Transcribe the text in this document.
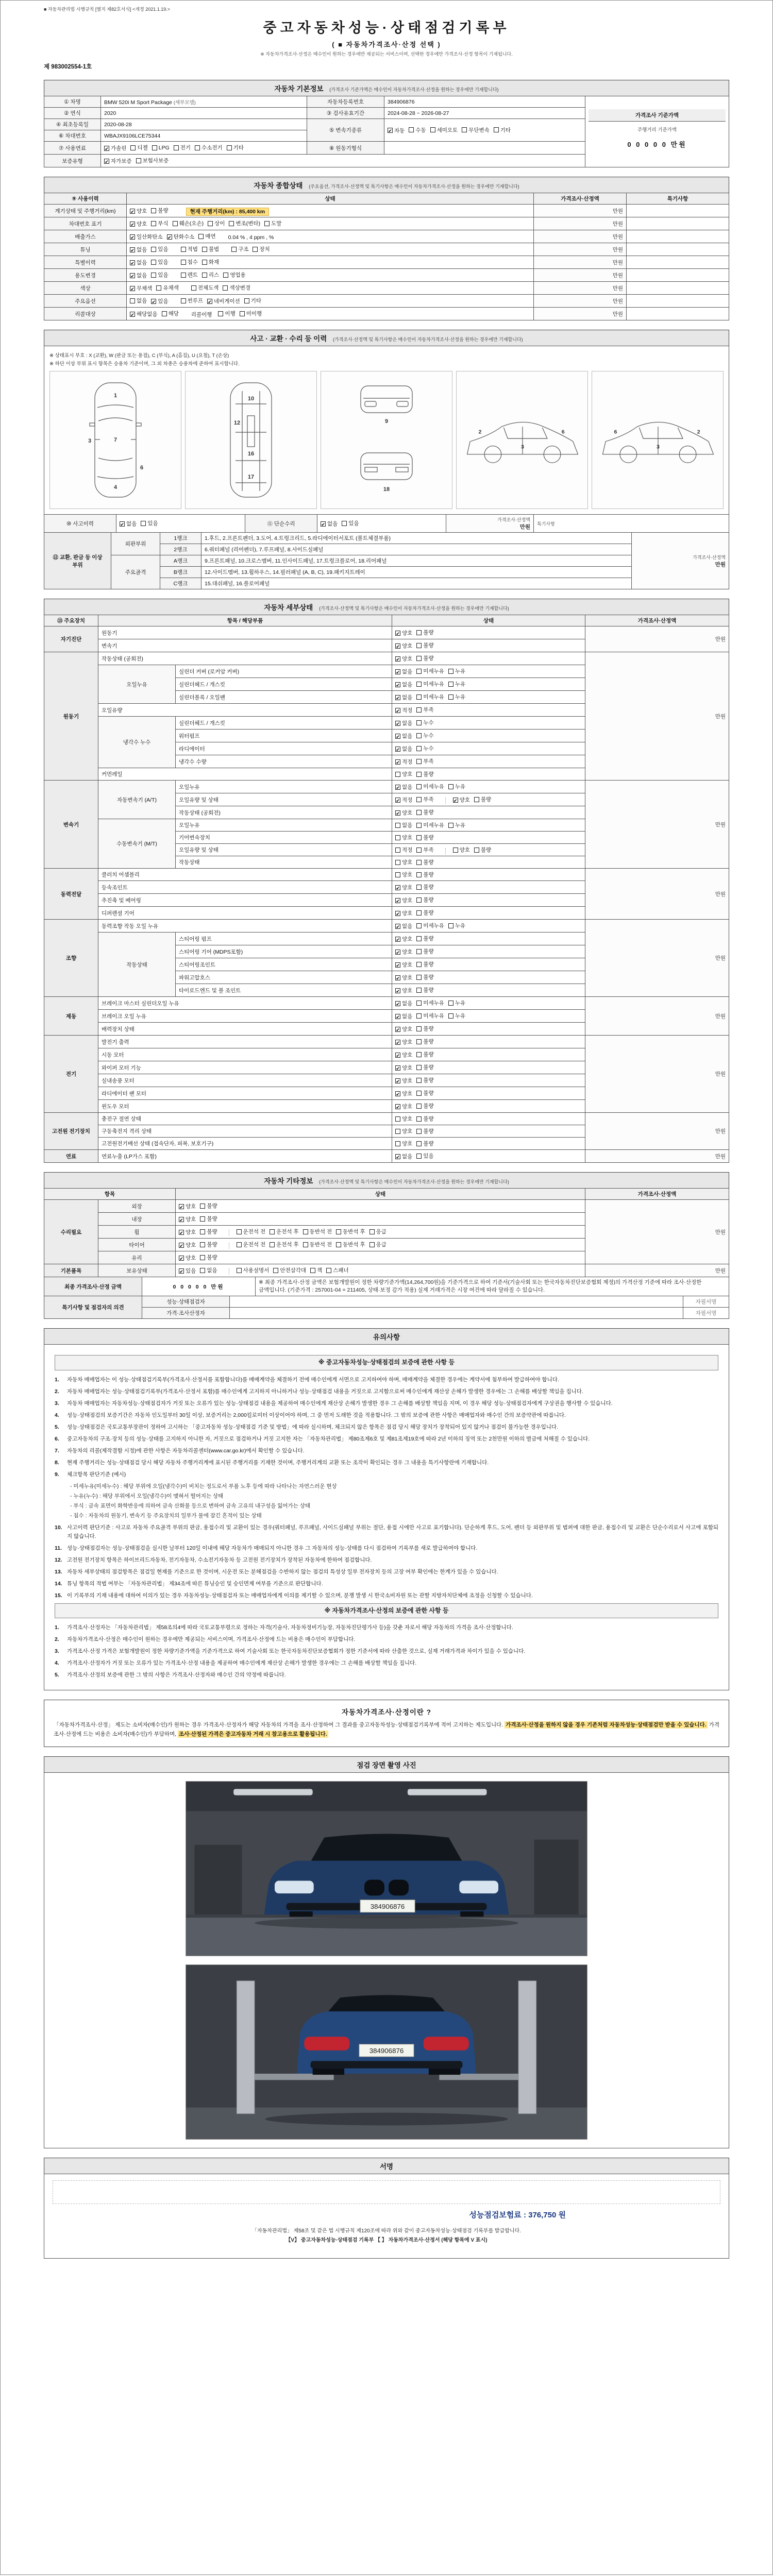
■ 자동차관리법 시행규칙 [별지 제82호서식] <개정 2021.1.19.>
중고자동차성능·상태점검기록부
( ■ 자동차가격조사·산정 선택 )
※ 자동차가격조사·산정은 매수인이 원하는 경우에만 제공되는 서비스이며, 선택한 경우에만 가격조사·산정 항목이 기재됩니다.
제 983002554-1호
자동차 기본정보 (가격조사 기준가액은 매수인이 자동차가격조사·산정을 원하는 경우에만 기재합니다)
① 차명	BMW 520i M Sport Package (세부모델)	자동차등록번호	384906876	가격조사 기준가액
주행거리 기준가액
0 0 0 0 0 만원

② 연식	2020	③ 검사유효기간	2024-08-28 ~ 2026-08-27	
④ 최초등록일	2020-08-28	⑤ 변속기종류	✔ 자동 수동 세미오토 무단변속 기타

⑥ 차대번호	WBAJX9106LCE75344			
⑦ 사용연료	✔ 가솔린 디젤 LPG 전기 수소전기 기타	⑧ 원동기형식	
보증유형	✔ 자가보증 보험사보증			
자동차 종합상태 (주요옵션, 가격조사·산정액 및 특기사항은 매수인이 자동차가격조사·산정을 원하는 경우에만 기재합니다)
⑨ 사용이력	상태	가격조사·산정액	특기사항
계기상태 및 주행거리(km)	✔ 양호 불량 현재 주행거리(km) : 85,400 km	만원	
차대번호 표기	✔ 양호 부식 훼손(오손) 상이 변조(변타) 도말	만원	
배출가스	✔ 일산화탄소 ✔ 탄화수소 매연 0.04 % , 4 ppm , %	만원	
튜닝	✔ 없음 있음	적법 불법	구조 장치	만원	
특별이력	✔ 없음 있음 침수 화재	만원	
용도변경	✔ 없음 있음	렌트 리스 영업용	만원	
색상	✔ 무채색 유채색 전체도색 색상변경	만원	
주요옵션	없음 ✔ 있음	썬루프 ✔ 네비게이션 기타	만원	
리콜대상	✔ 해당없음 해당 리콜이행 이행 미이행	만원	
사고 · 교환 · 수리 등 이력 (가격조사·산정액 및 특기사항은 매수인이 자동차가격조사·산정을 원하는 경우에만 기재합니다)
※ 상태표시 부호 : X (교환), W (판금 또는 용접), C (부식), A (흠집), U (요철), T (손상)
※ 하단 이상 부위 표시 항목은 승용차 기준이며, 그 외 차종은 승용차에 준하여 표시합니다.
1
7
4
3
6
10
12
16
17
9
18
2
3
6	6
3
2
⑩ 사고이력	✔ 없음 있음	⑪ 단순수리	✔ 없음 있음

가격조사·산정액
만원

특기사항
⑫ 교환, 판금 등 이상 부위	외판부위	1랭크	1.후드, 2.프론트펜더, 3.도어, 4.트렁크리드, 5.라디에이터서포트 (볼트체결부품)	가격조사·산정액
만원

		2랭크	6.쿼터패널 (리어펜더), 7.루프패널, 8.사이드실패널	
	주요골격	A랭크	9.프론트패널, 10.크로스멤버, 11.인사이드패널, 17.트렁크플로어, 18.리어패널	
		B랭크	12.사이드멤버, 13.휠하우스, 14.필러패널 (A, B, C), 19.패키지트레이	
		C랭크	15.대쉬패널, 16.플로어패널	
자동차 세부상태 (가격조사·산정액 및 특기사항은 매수인이 자동차가격조사·산정을 원하는 경우에만 기재합니다)
⑬ 주요장치	항목 / 해당부품		상태	가격조사·산정액
자기진단	원동기		✔ 양호 불량	만원
	변속기		✔ 양호 불량	

원동기	작동상태 (공회전)		✔ 양호 불량	만원
	오일누유	실린더 커버 (로커암 커버)	✔ 없음 미세누유 누유	

		실린더헤드 / 개스킷	✔ 없음 미세누유 누유	

		실린더블록 / 오일팬	✔ 없음 미세누유 누유	

	오일유량		✔ 적정 부족	

	냉각수 누수	실린더헤드 / 개스킷	✔ 없음 누수	

		워터펌프	✔ 없음 누수	

		라디에이터	✔ 없음 누수	

		냉각수 수량	✔ 적정 부족	

	커먼레일		양호 불량	

변속기	자동변속기 (A/T)	오일누유	✔ 없음 미세누유 누유	만원
오일유량 및 상태	✔ 적정 부족	✔ 양호 불량

		작동상태 (공회전)	✔ 양호 불량	

	수동변속기 (M/T)	오일누유	없음 미세누유 누유	

		기어변속장치	양호 불량	

		오일유량 및 상태	적정 부족 양호 불량	

		작동상태	양호 불량	

동력전달	클러치 어셈블리		양호 불량	만원
	등속조인트		✔ 양호 불량	

	추진축 및 베어링		✔ 양호 불량	

	디퍼렌셜 기어		✔ 양호 불량	

조향	동력조향 작동 오일 누유		✔ 없음 미세누유 누유	만원
	작동상태	스티어링 펌프	✔ 양호 불량	

		스티어링 기어 (MDPS포함)	✔ 양호 불량	

		스티어링조인트	✔ 양호 불량	

		파워고압호스	✔ 양호 불량	

		타이로드엔드 및 볼 조인트	✔ 양호 불량	

제동	브레이크 마스터 실린더오일 누유		✔ 없음 미세누유 누유	만원
	브레이크 오일 누유		✔ 없음 미세누유 누유	

	배력장치 상태		✔ 양호 불량	

전기	발전기 출력		✔ 양호 불량	만원
	시동 모터		✔ 양호 불량	

	와이퍼 모터 기능		✔ 양호 불량	

	실내송풍 모터		✔ 양호 불량	

	라디에이터 팬 모터		✔ 양호 불량	

	윈도우 모터		✔ 양호 불량	

고전원 전기장치	충전구 절연 상태		양호 불량	만원
	구동축전지 격리 상태		양호 불량	

	고전원전기배선 상태 (접속단자, 피복, 보호기구)		양호 불량	

연료	연료누출 (LP가스 포함)		✔ 없음 있음	만원
자동차 기타정보 (가격조사·산정액 및 특기사항은 매수인이 자동차가격조사·산정을 원하는 경우에만 기재합니다)
항목		상태	가격조사·산정액
수리필요	외장	✔ 양호 불량	만원
	내장	✔ 양호 불량	

휠	✔ 양호 불량	운전석 전 운전석 후 동반석 전 동반석 후 응급

타이어	✔ 양호 불량	운전석 전 운전석 후 동반석 전 동반석 후 응급

	유리	✔ 양호 불량	

기본품목	보유상태	✔ 있음 없음	사용설명서 안전삼각대 잭 스패너	만원
최종 가격조사·산정 금액	0 0 0 0 0 만원	※ 최종 가격조사·산정 금액은 보험개발원이 정한 차량기준가액(14,264,700원)을 기준가격으로 하여 기준서(기술사회 또는 한국자동차진단보증협회 제정)의 가격산정 기준에 따라 조사·산정한 금액입니다. (기준가격 : 257001-04 = 211405, 상태·보정 감가 적용) 실제 거래가격은 시장 여건에 따라 달라질 수 있습니다.
특기사항 및 점검자의 의견	성능·상태점검자		자필서명
	가격·조사산정자		자필서명
유의사항
※ 중고자동차성능·상태점검의 보증에 관한 사항 등
1.	자동차 매매업자는 이 성능·상태점검기록부(가격조사·산정서를 포함합니다)를 매매계약을 체결하기 전에 매수인에게 서면으로 고지하여야 하며, 매매계약을 체결한 경우에는 계약서에 첨부하여 발급하여야 합니다.
2.	자동차 매매업자는 성능·상태점검기록부(가격조사·산정서 포함)를 매수인에게 고지하지 아니하거나 성능·상태점검 내용을 거짓으로 고지함으로써 매수인에게 재산상 손해가 발생한 경우에는 그 손해를 배상할 책임을 집니다.
3.	자동차 매매업자는 자동차성능·상태점검자가 거짓 또는 오류가 있는 성능·상태점검 내용을 제공하여 매수인에게 재산상 손해가 발생한 경우 그 손해를 배상할 책임을 지며, 이 경우 해당 성능·상태점검자에게 구상권을 행사할 수 있습니다.
4.	성능·상태점검의 보증기간은 자동차 인도일부터 30일 이상, 보증거리는 2,000킬로미터 이상이어야 하며, 그 중 먼저 도래한 것을 적용합니다. 그 밖의 보증에 관한 사항은 매매업자와 매수인 간의 보증약관에 따릅니다.
5.	성능·상태점검은 국토교통부장관이 정하여 고시하는 「중고자동차 성능·상태점검 기준 및 방법」에 따라 실시하며, 체크되지 않은 항목은 점검 당시 해당 장치가 장착되어 있지 않거나 점검이 불가능한 경우입니다.
6.	중고자동차의 구조·장치 등의 성능·상태를 고지하지 아니한 자, 거짓으로 점검하거나 거짓 고지한 자는 「자동차관리법」 제80조제6호 및 제81조제19호에 따라 2년 이하의 징역 또는 2천만원 이하의 벌금에 처해질 수 있습니다.
7.	자동차의 리콜(제작결함 시정)에 관한 사항은 자동차리콜센터(www.car.go.kr)에서 확인할 수 있습니다.
8.	현재 주행거리는 성능·상태점검 당시 해당 자동차 주행거리계에 표시된 주행거리를 기재한 것이며, 주행거리계의 교환 또는 조작이 확인되는 경우 그 내용을 특기사항란에 기재합니다.
9.	체크항목 판단기준 (예시)
- 미세누유(미세누수) : 해당 부위에 오일(냉각수)이 비치는 정도로서 부품 노후 등에 따라 나타나는 자연스러운 현상
- 누유(누수) : 해당 부위에서 오일(냉각수)이 맺혀서 떨어지는 상태
- 부식 : 금속 표면이 화학반응에 의하여 금속 산화물 등으로 변하여 금속 고유의 내구성을 잃어가는 상태
- 침수 : 자동차의 원동기, 변속기 등 주요장치의 일부가 물에 잠긴 흔적이 있는 상태
10. 사고이력 판단기준 : 사고로 자동차 주요골격 부위의 판금, 용접수리 및 교환이 있는 경우(쿼터패널, 루프패널, 사이드실패널 부위는 절단, 용접 시에만 사고로 표기합니다). 단순하게 후드, 도어, 펜더 등 외판부위 및 범퍼에 대한 판금, 용접수리 및 교환은 단순수리로서 사고에 포함되지 않습니다.
11. 성능·상태점검자는 성능·상태점검을 실시한 날부터 120일 이내에 해당 자동차가 매매되지 아니한 경우 그 자동차의 성능·상태를 다시 점검하여 기록부를 새로 발급하여야 합니다.
12. 고전원 전기장치 항목은 하이브리드자동차, 전기자동차, 수소전기자동차 등 고전원 전기장치가 장착된 자동차에 한하여 점검합니다.
13. 자동차 세부상태의 점검항목은 점검일 현재를 기준으로 한 것이며, 시운전 또는 분해점검을 수반하지 않는 점검의 특성상 일부 전자장치 등의 고장 여부 확인에는 한계가 있을 수 있습니다.
14. 튜닝 항목의 적법 여부는 「자동차관리법」 제34조에 따른 튜닝승인 및 승인면제 여부를 기준으로 판단합니다.
15. 이 기록부의 기재 내용에 대하여 이의가 있는 경우 자동차성능·상태점검자 또는 매매업자에게 이의를 제기할 수 있으며, 분쟁 발생 시 한국소비자원 또는 관할 지방자치단체에 조정을 신청할 수 있습니다.
※ 자동차가격조사·산정의 보증에 관한 사항 등
1.	가격조사·산정자는 「자동차관리법」 제58조의4에 따라 국토교통부령으로 정하는 자격(기술사, 자동차정비기능장, 자동차진단평가사 등)을 갖춘 자로서 해당 자동차의 가격을 조사·산정합니다.
2.	자동차가격조사·산정은 매수인이 원하는 경우에만 제공되는 서비스이며, 가격조사·산정에 드는 비용은 매수인이 부담합니다.
3.	가격조사·산정 가격은 보험개발원이 정한 차량기준가액을 기준가격으로 하여 기술사회 또는 한국자동차진단보증협회가 정한 기준서에 따라 산출한 것으로, 실제 거래가격과 차이가 있을 수 있습니다.
4.	가격조사·산정자가 거짓 또는 오류가 있는 가격조사·산정 내용을 제공하여 매수인에게 재산상 손해가 발생한 경우에는 그 손해를 배상할 책임을 집니다.
5.	가격조사·산정의 보증에 관한 그 밖의 사항은 가격조사·산정자와 매수인 간의 약정에 따릅니다.
자동차가격조사·산정이란 ?
「자동차가격조사·산정」 제도는 소비자(매수인)가 원하는 경우 가격조사·산정자가 해당 자동차의 가격을 조사·산정하여 그 결과를 중고자동차성능·상태점검기록부에 적어 고지하는 제도입니다. 가격조사·산정을 원하지 않을 경우 기존처럼 자동차성능·상태점검만 받을 수 있습니다. 가격조사·산정에 드는 비용은 소비자(매수인)가 부담하며, 조사·산정된 가격은 중고자동차 거래 시 참고용으로 활용됩니다.
점검 장면 촬영 사진
384906876
384906876
서명
성능점검보험료 : 376,750 원
「자동차관리법」 제58조 및 같은 법 시행규칙 제120조에 따라 위와 같이 중고자동차성능·상태점검 기록부를 발급합니다.
【V】 중고자동차성능·상태점검 기록부 【 】 자동차가격조사·산정서 (해당 항목에 V 표시)
